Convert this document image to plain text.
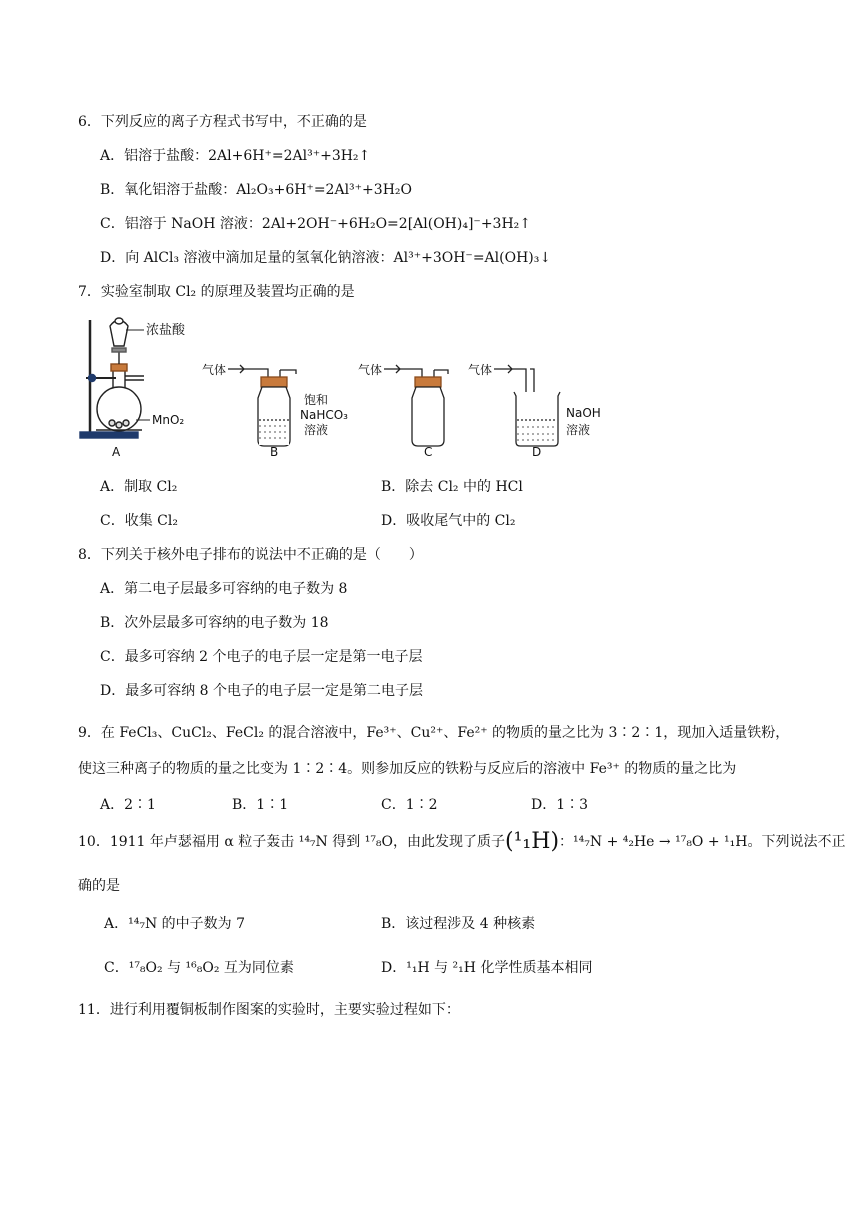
6．下列反应的离子方程式书写中，不正确的是
A．铝溶于盐酸：2Al+6H⁺=2Al³⁺+3H₂↑
B．氧化铝溶于盐酸：Al₂O₃+6H⁺=2Al³⁺+3H₂O
C．铝溶于 NaOH 溶液：2Al+2OH⁻+6H₂O=2[Al(OH)₄]⁻+3H₂↑
D．向 AlCl₃ 溶液中滴加足量的氢氧化钠溶液：Al³⁺+3OH⁻=Al(OH)₃↓
7．实验室制取 Cl₂ 的原理及装置均正确的是
浓盐酸
MnO₂
A
气体
饱和
NaHCO₃
溶液
B
气体
C
气体
NaOH
溶液
D
A．制取 Cl₂	B．除去 Cl₂ 中的 HCl
C．收集 Cl₂	D．吸收尾气中的 Cl₂
8．下列关于核外电子排布的说法中不正确的是（　　）
A．第二电子层最多可容纳的电子数为 8
B．次外层最多可容纳的电子数为 18
C．最多可容纳 2 个电子的电子层一定是第一电子层
D．最多可容纳 8 个电子的电子层一定是第二电子层
9．在 FeCl₃、CuCl₂、FeCl₂ 的混合溶液中，Fe³⁺、Cu²⁺、Fe²⁺ 的物质的量之比为 3∶2∶1，现加入适量铁粉，
使这三种离子的物质的量之比变为 1∶2∶4。则参加反应的铁粉与反应后的溶液中 Fe³⁺ 的物质的量之比为
A．2∶1	B．1∶1	C．1∶2	D．1∶3
10．1911 年卢瑟福用 α 粒子轰击 ¹⁴₇N 得到 ¹⁷₈O，由此发现了质子(¹₁H)：¹⁴₇N + ⁴₂He → ¹⁷₈O + ¹₁H。下列说法不正
确的是
A．¹⁴₇N 的中子数为 7	B．该过程涉及 4 种核素
C．¹⁷₈O₂ 与 ¹⁶₈O₂ 互为同位素	D．¹₁H 与 ²₁H 化学性质基本相同
11．进行利用覆铜板制作图案的实验时，主要实验过程如下：
